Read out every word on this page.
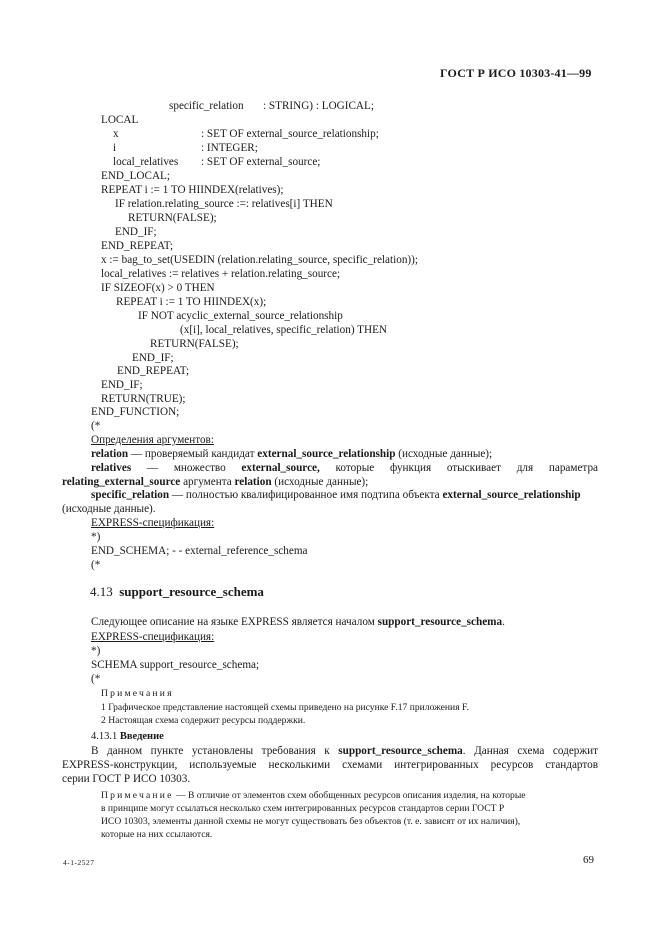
ГОСТ Р ИСО 10303-41—99
specific_relation : STRING) : LOGICAL;
LOCAL
x	: SET OF external_source_relationship;
i	: INTEGER;
local_relatives : SET OF external_source;
END_LOCAL;
REPEAT i := 1 TO HIINDEX(relatives);
IF relation.relating_source :=: relatives[i] THEN
RETURN(FALSE);
END_IF;
END_REPEAT;
x := bag_to_set(USEDIN (relation.relating_source, specific_relation));
local_relatives := relatives + relation.relating_source;
IF SIZEOF(x) > 0 THEN
REPEAT i := 1 TO HIINDEX(x);
IF NOT acyclic_external_source_relationship
(x[i], local_relatives, specific_relation) THEN
RETURN(FALSE);
END_IF;
END_REPEAT;
END_IF;
RETURN(TRUE);
END_FUNCTION;
(*
Определения аргументов:
relation — проверяемый кандидат external_source_relationship (исходные данные);
relatives — множество external_source, которые функция отыскивает для параметра
relating_external_source аргумента relation (исходные данные);
specific_relation — полностью квалифицированное имя подтипа объекта external_source_relationship
(исходные данные).
EXPRESS-спецификация:
*)
END_SCHEMA; - - external_reference_schema
(*
4.13 support_resource_schema
Следующее описание на языке EXPRESS является началом support_resource_schema.
EXPRESS-спецификация:
*)
SCHEMA support_resource_schema;
(*
Примечания
1 Графическое представление настоящей схемы приведено на рисунке F.17 приложения F.
2 Настоящая схема содержит ресурсы поддержки.
4.13.1 Введение
В данном пункте установлены требования к support_resource_schema. Данная схема содержит
EXPRESS-конструкции, используемые несколькими схемами интегрированных ресурсов стандартов
серии ГОСТ Р ИСО 10303.
Примечание — В отличие от элементов схем обобщенных ресурсов описания изделия, на которые
в принципе могут ссылаться несколько схем интегрированных ресурсов стандартов серии ГОСТ Р
ИСО 10303, элементы данной схемы не могут существовать без объектов (т. е. зависят от их наличия),
которые на них ссылаются.
4-1-2527	69
